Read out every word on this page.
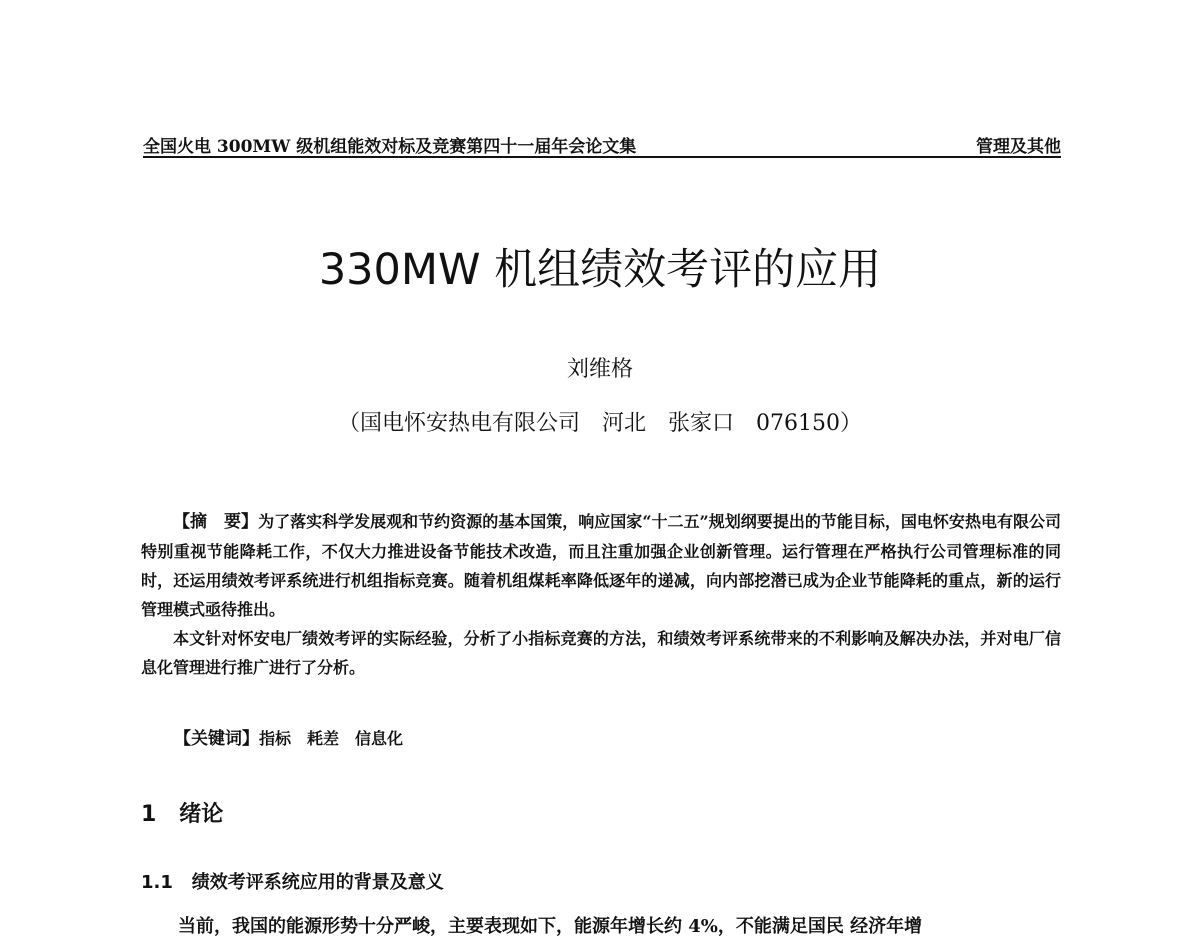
全国火电 300MW 级机组能效对标及竞赛第四十一届年会论文集	管理及其他
330MW 机组绩效考评的应用
刘维格
（国电怀安热电有限公司　河北　张家口　076150）

【摘　要】为了落实科学发展观和节约资源的基本国策，响应国家“十二五”规划纲要提出的节能目标，国电怀安热电有限公司特别重视节能降耗工作，不仅大力推进设备节能技术改造，而且注重加强企业创新管理。运行管理在严格执行公司管理标准的同时，还运用绩效考评系统进行机组指标竞赛。随着机组煤耗率降低逐年的递减，向内部挖潜已成为企业节能降耗的重点，新的运行管理模式亟待推出。

本文针对怀安电厂绩效考评的实际经验，分析了小指标竞赛的方法，和绩效考评系统带来的不利影响及解决办法，并对电厂信息化管理进行推广进行了分析。

【关键词】指标　耗差　信息化
1 绪论
1.1 绩效考评系统应用的背景及意义
当前，我国的能源形势十分严峻，主要表现如下，能源年增长约 4%，不能满足国民 经济年增
